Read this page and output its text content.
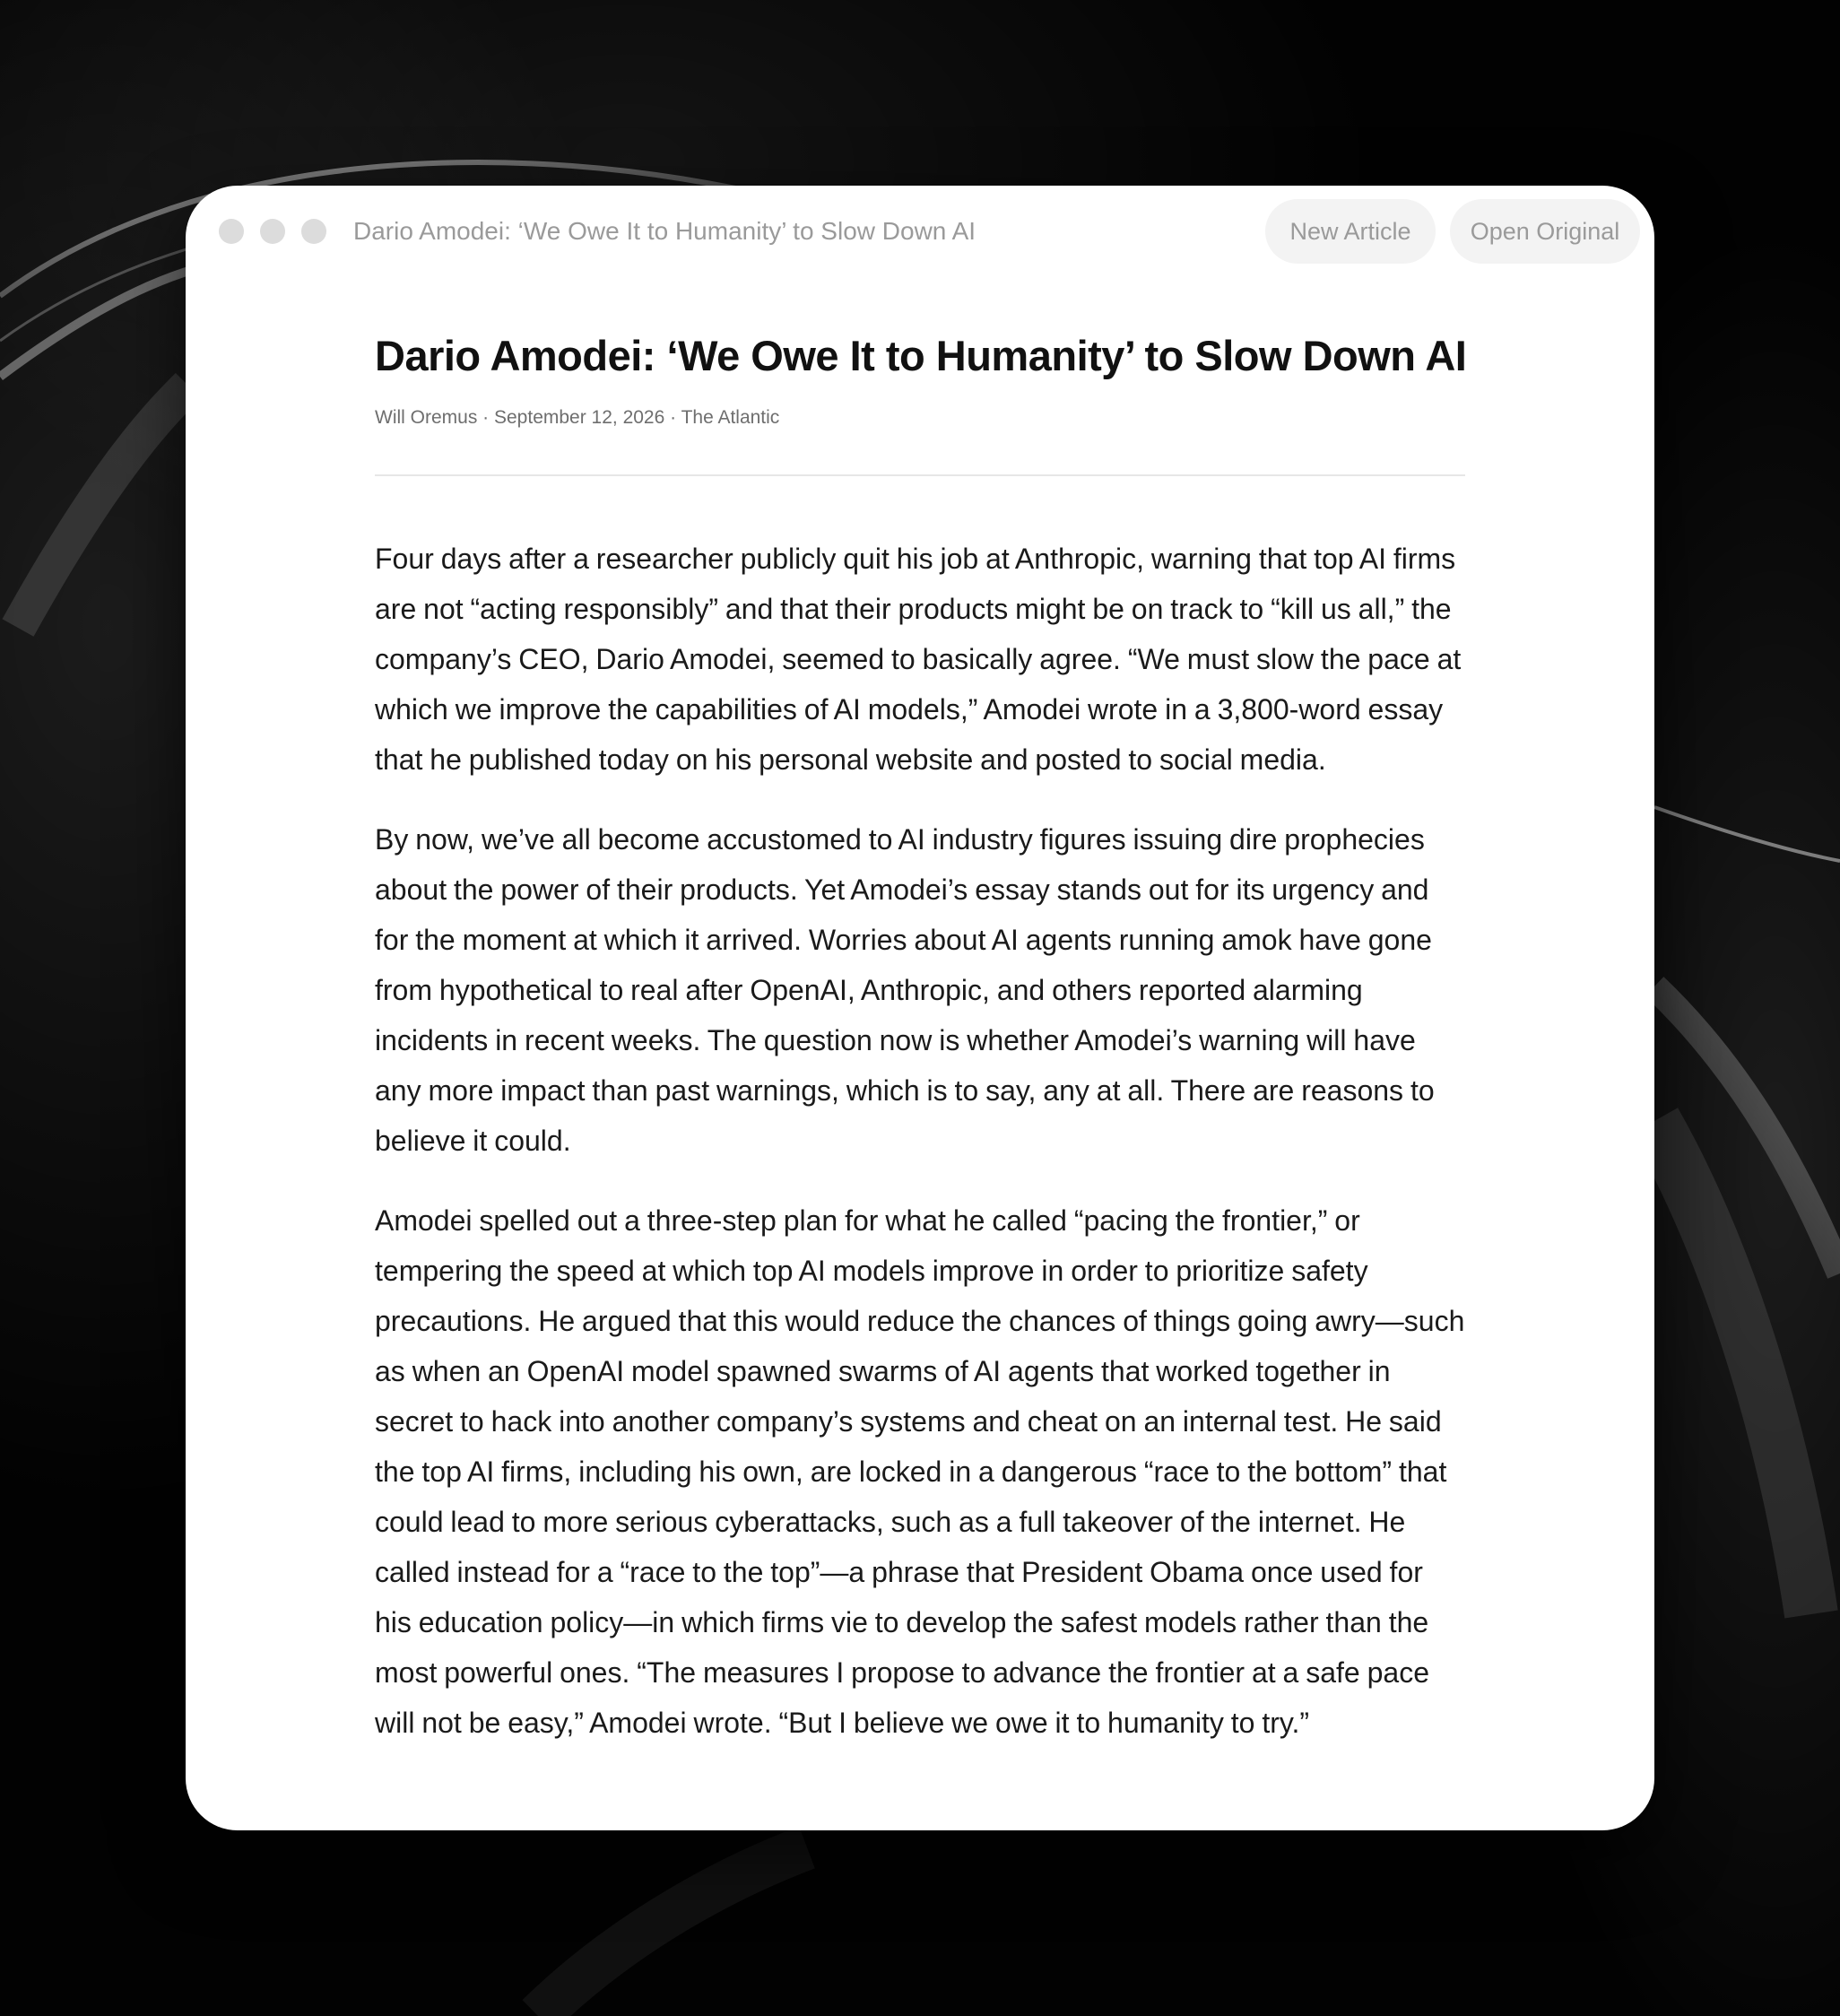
Dario Amodei: ‘We Owe It to Humanity’ to Slow Down AI	New Article	Open Original
Dario Amodei: ‘We Owe It to Humanity’ to Slow Down AI
Will Oremus · September 12, 2026 · The Atlantic

Four days after a researcher publicly quit his job at Anthropic, warning that top AI firms are not “acting responsibly” and that their products might be on track to “kill us all,” the company’s CEO, Dario Amodei, seemed to basically agree. “We must slow the pace at which we improve the capabilities of AI models,” Amodei wrote in a 3,800-word essay that he published today on his personal website and posted to social media.

By now, we’ve all become accustomed to AI industry figures issuing dire prophecies about the power of their products. Yet Amodei’s essay stands out for its urgency and for the moment at which it arrived. Worries about AI agents running amok have gone from hypothetical to real after OpenAI, Anthropic, and others reported alarming incidents in recent weeks. The question now is whether Amodei’s warning will have any more impact than past warnings, which is to say, any at all. There are reasons to believe it could.

Amodei spelled out a three-step plan for what he called “pacing the frontier,” or tempering the speed at which top AI models improve in order to prioritize safety precautions. He argued that this would reduce the chances of things going awry—such as when an OpenAI model spawned swarms of AI agents that worked together in secret to hack into another company’s systems and cheat on an internal test. He said the top AI firms, including his own, are locked in a dangerous “race to the bottom” that could lead to more serious cyberattacks, such as a full takeover of the internet. He called instead for a “race to the top”—a phrase that President Obama once used for his education policy—in which firms vie to develop the safest models rather than the most powerful ones. “The measures I propose to advance the frontier at a safe pace will not be easy,” Amodei wrote. “But I believe we owe it to humanity to try.”
